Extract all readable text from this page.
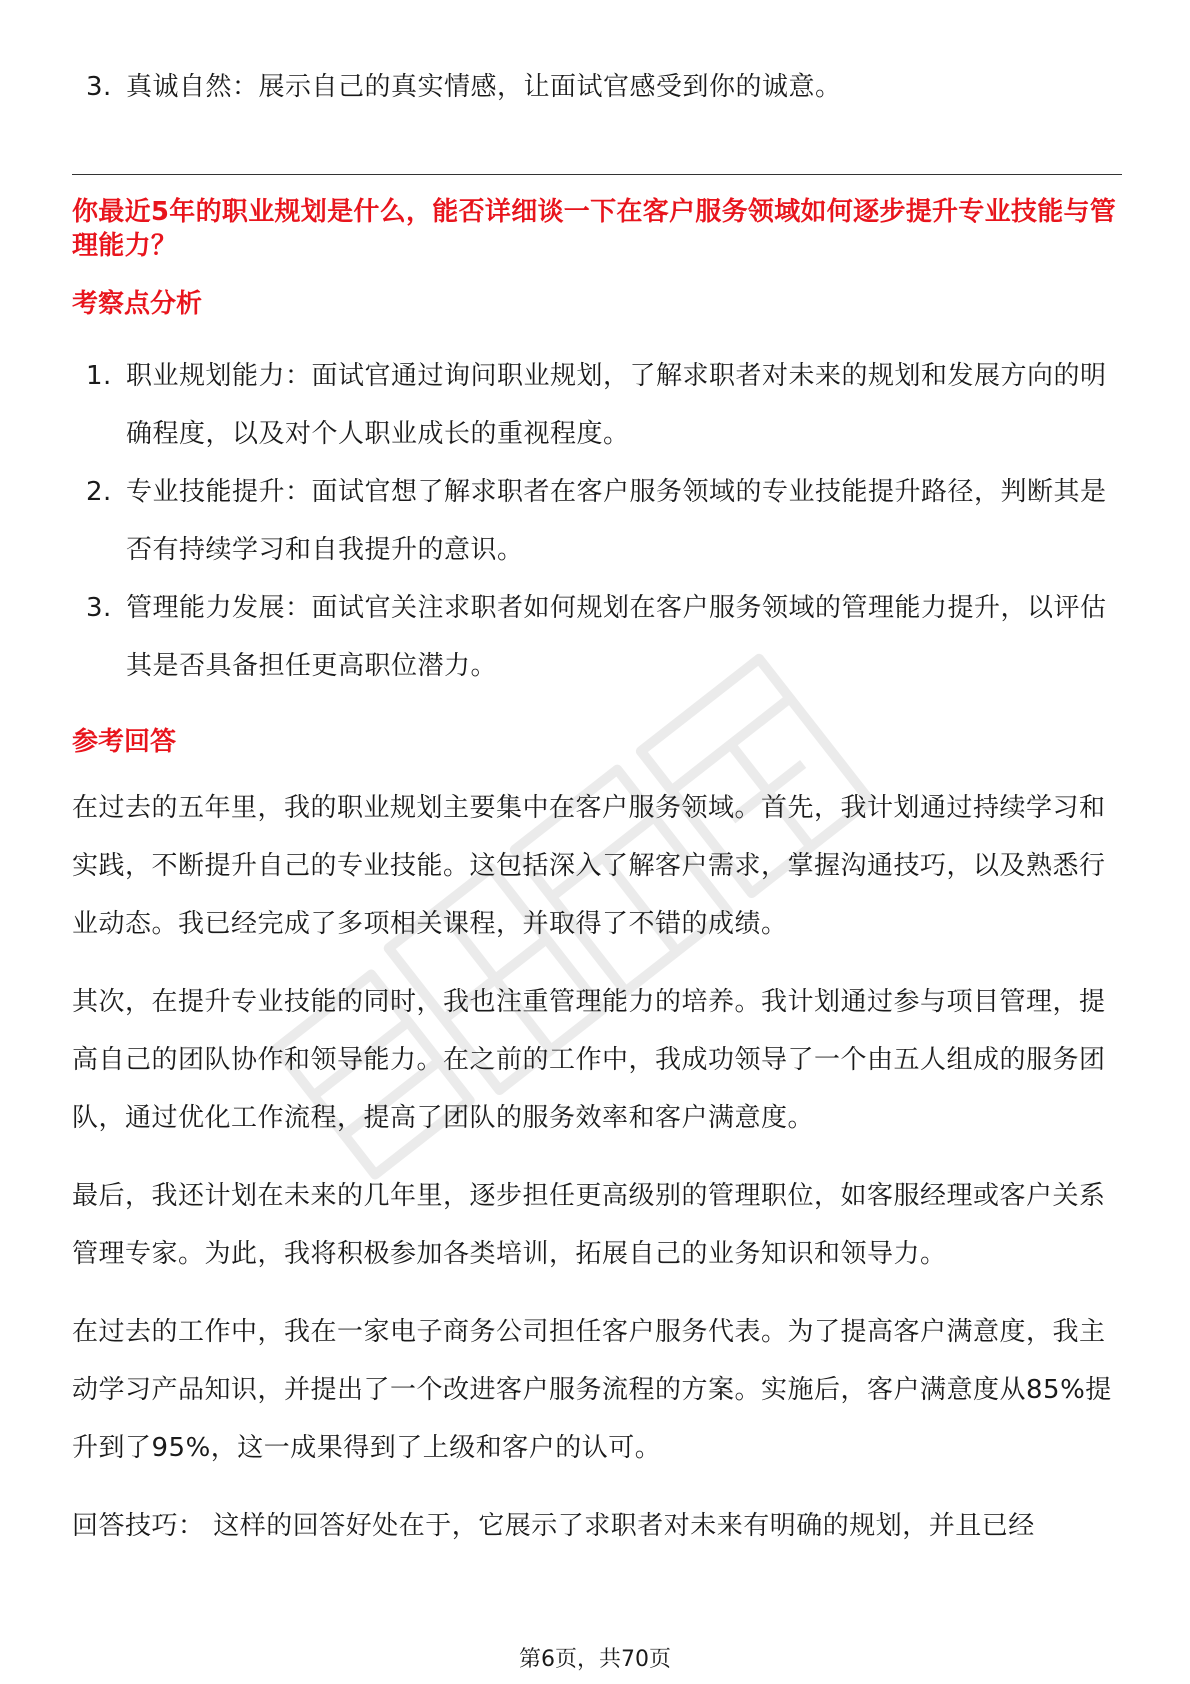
3. 真诚自然：展示自己的真实情感，让面试官感受到你的诚意。
你最近5年的职业规划是什么，能否详细谈一下在客户服务领域如何逐步提升专业技能与管理能力？
考察点分析
1. 职业规划能力：面试官通过询问职业规划，了解求职者对未来的规划和发展方向的明确程度，以及对个人职业成长的重视程度。
2. 专业技能提升：面试官想了解求职者在客户服务领域的专业技能提升路径，判断其是否有持续学习和自我提升的意识。
3. 管理能力发展：面试官关注求职者如何规划在客户服务领域的管理能力提升，以评估其是否具备担任更高职位潜力。
参考回答

在过去的五年里，我的职业规划主要集中在客户服务领域。首先，我计划通过持续学习和实践，不断提升自己的专业技能。这包括深入了解客户需求，掌握沟通技巧，以及熟悉行业动态。我已经完成了多项相关课程，并取得了不错的成绩。

其次，在提升专业技能的同时，我也注重管理能力的培养。我计划通过参与项目管理，提高自己的团队协作和领导能力。在之前的工作中，我成功领导了一个由五人组成的服务团队，通过优化工作流程，提高了团队的服务效率和客户满意度。

最后，我还计划在未来的几年里，逐步担任更高级别的管理职位，如客服经理或客户关系管理专家。为此，我将积极参加各类培训，拓展自己的业务知识和领导力。

在过去的工作中，我在一家电子商务公司担任客户服务代表。为了提高客户满意度，我主动学习产品知识，并提出了一个改进客户服务流程的方案。实施后，客户满意度从85%提升到了95%，这一成果得到了上级和客户的认可。

回答技巧： 这样的回答好处在于，它展示了求职者对未来有明确的规划，并且已经

第6页，共70页
